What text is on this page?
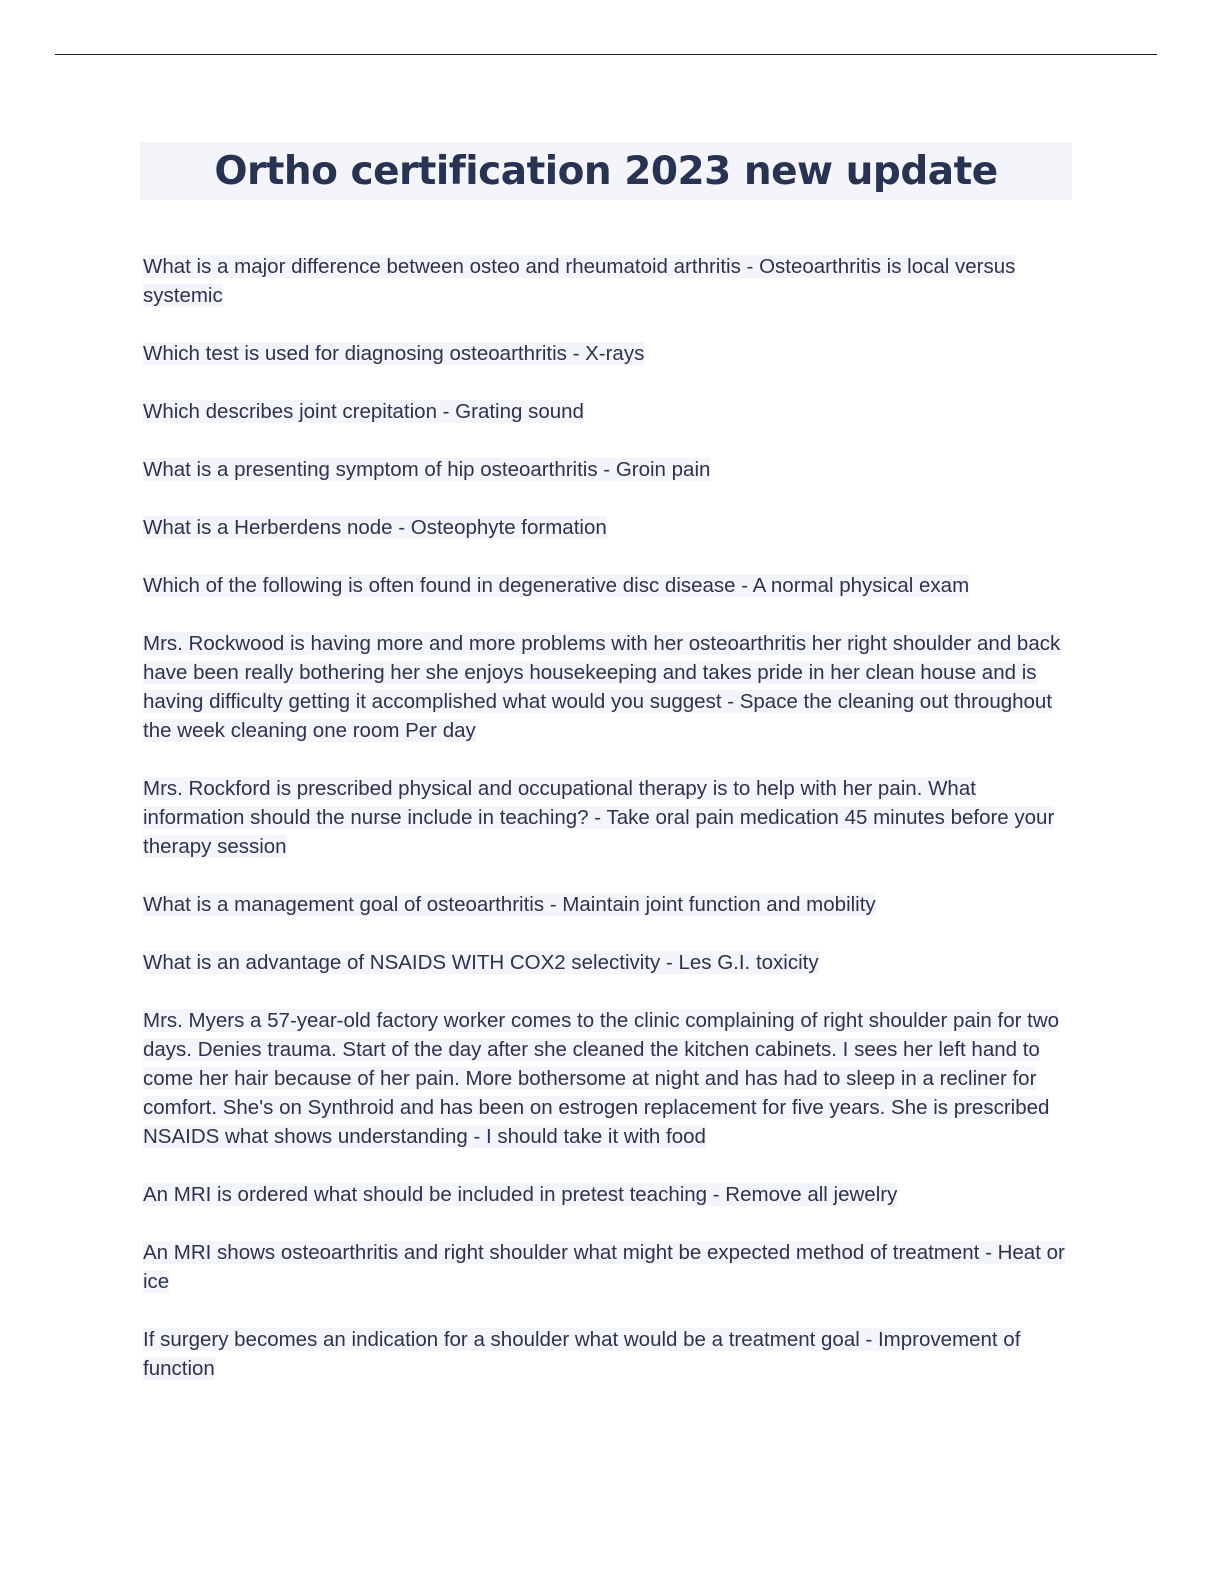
Ortho certification 2023 new update
What is a major difference between osteo and rheumatoid arthritis - Osteoarthritis is local versus systemic
Which test is used for diagnosing osteoarthritis - X-rays
Which describes joint crepitation - Grating sound
What is a presenting symptom of hip osteoarthritis - Groin pain
What is a Herberdens node - Osteophyte formation
Which of the following is often found in degenerative disc disease - A normal physical exam
Mrs. Rockwood is having more and more problems with her osteoarthritis her right shoulder and back have been really bothering her she enjoys housekeeping and takes pride in her clean house and is having difficulty getting it accomplished what would you suggest - Space the cleaning out throughout the week cleaning one room Per day
Mrs. Rockford is prescribed physical and occupational therapy is to help with her pain. What information should the nurse include in teaching? - Take oral pain medication 45 minutes before your therapy session
What is a management goal of osteoarthritis - Maintain joint function and mobility
What is an advantage of NSAIDS WITH COX2 selectivity - Les G.I. toxicity
Mrs. Myers a 57-year-old factory worker comes to the clinic complaining of right shoulder pain for two days. Denies trauma. Start of the day after she cleaned the kitchen cabinets. I sees her left hand to come her hair because of her pain. More bothersome at night and has had to sleep in a recliner for comfort. She's on Synthroid and has been on estrogen replacement for five years. She is prescribed NSAIDS what shows understanding - I should take it with food
An MRI is ordered what should be included in pretest teaching - Remove all jewelry
An MRI shows osteoarthritis and right shoulder what might be expected method of treatment - Heat or ice
If surgery becomes an indication for a shoulder what would be a treatment goal - Improvement of function
